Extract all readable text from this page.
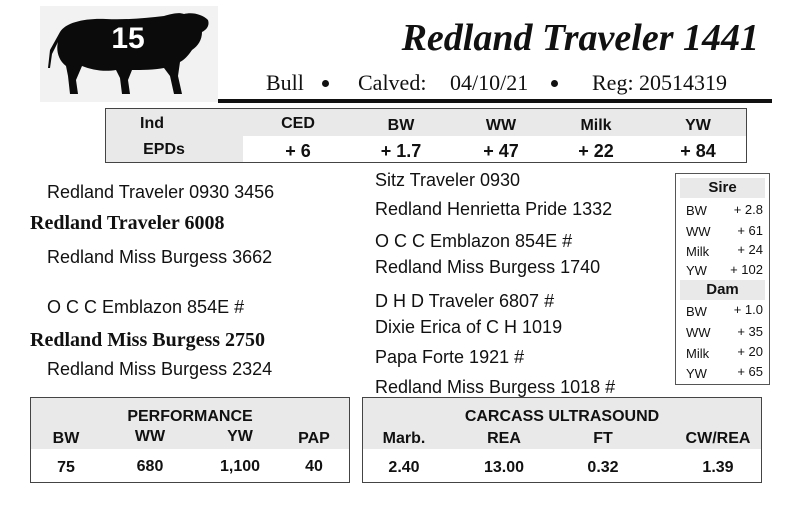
15	Redland Traveler 1441
Bull Calved: 04/10/21	Reg: 20514319
Ind
EPDs
CED	BW	WW	Milk	YW
+ 6	+ 1.7	+ 47	+ 22	+ 84
Redland Traveler 0930 3456
Redland Traveler 6008
Redland Miss Burgess 3662
O C C Emblazon 854E #
Redland Miss Burgess 2750
Redland Miss Burgess 2324
Sitz Traveler 0930
Redland Henrietta Pride 1332
O C C Emblazon 854E #
Redland Miss Burgess 1740
D H D Traveler 6807 #
Dixie Erica of C H 1019
Papa Forte 1921 #
Redland Miss Burgess 1018 #
Sire
BW + 2.8
WW + 61
Milk + 24
YW + 102
Dam
BW + 1.0
WW + 35
Milk + 20
YW + 65
PERFORMANCE
BW	WW	YW	PAP
75	680	1,100	40
CARCASS ULTRASOUND
Marb.	REA	FT	CW/REA
2.40	13.00	0.32	1.39
